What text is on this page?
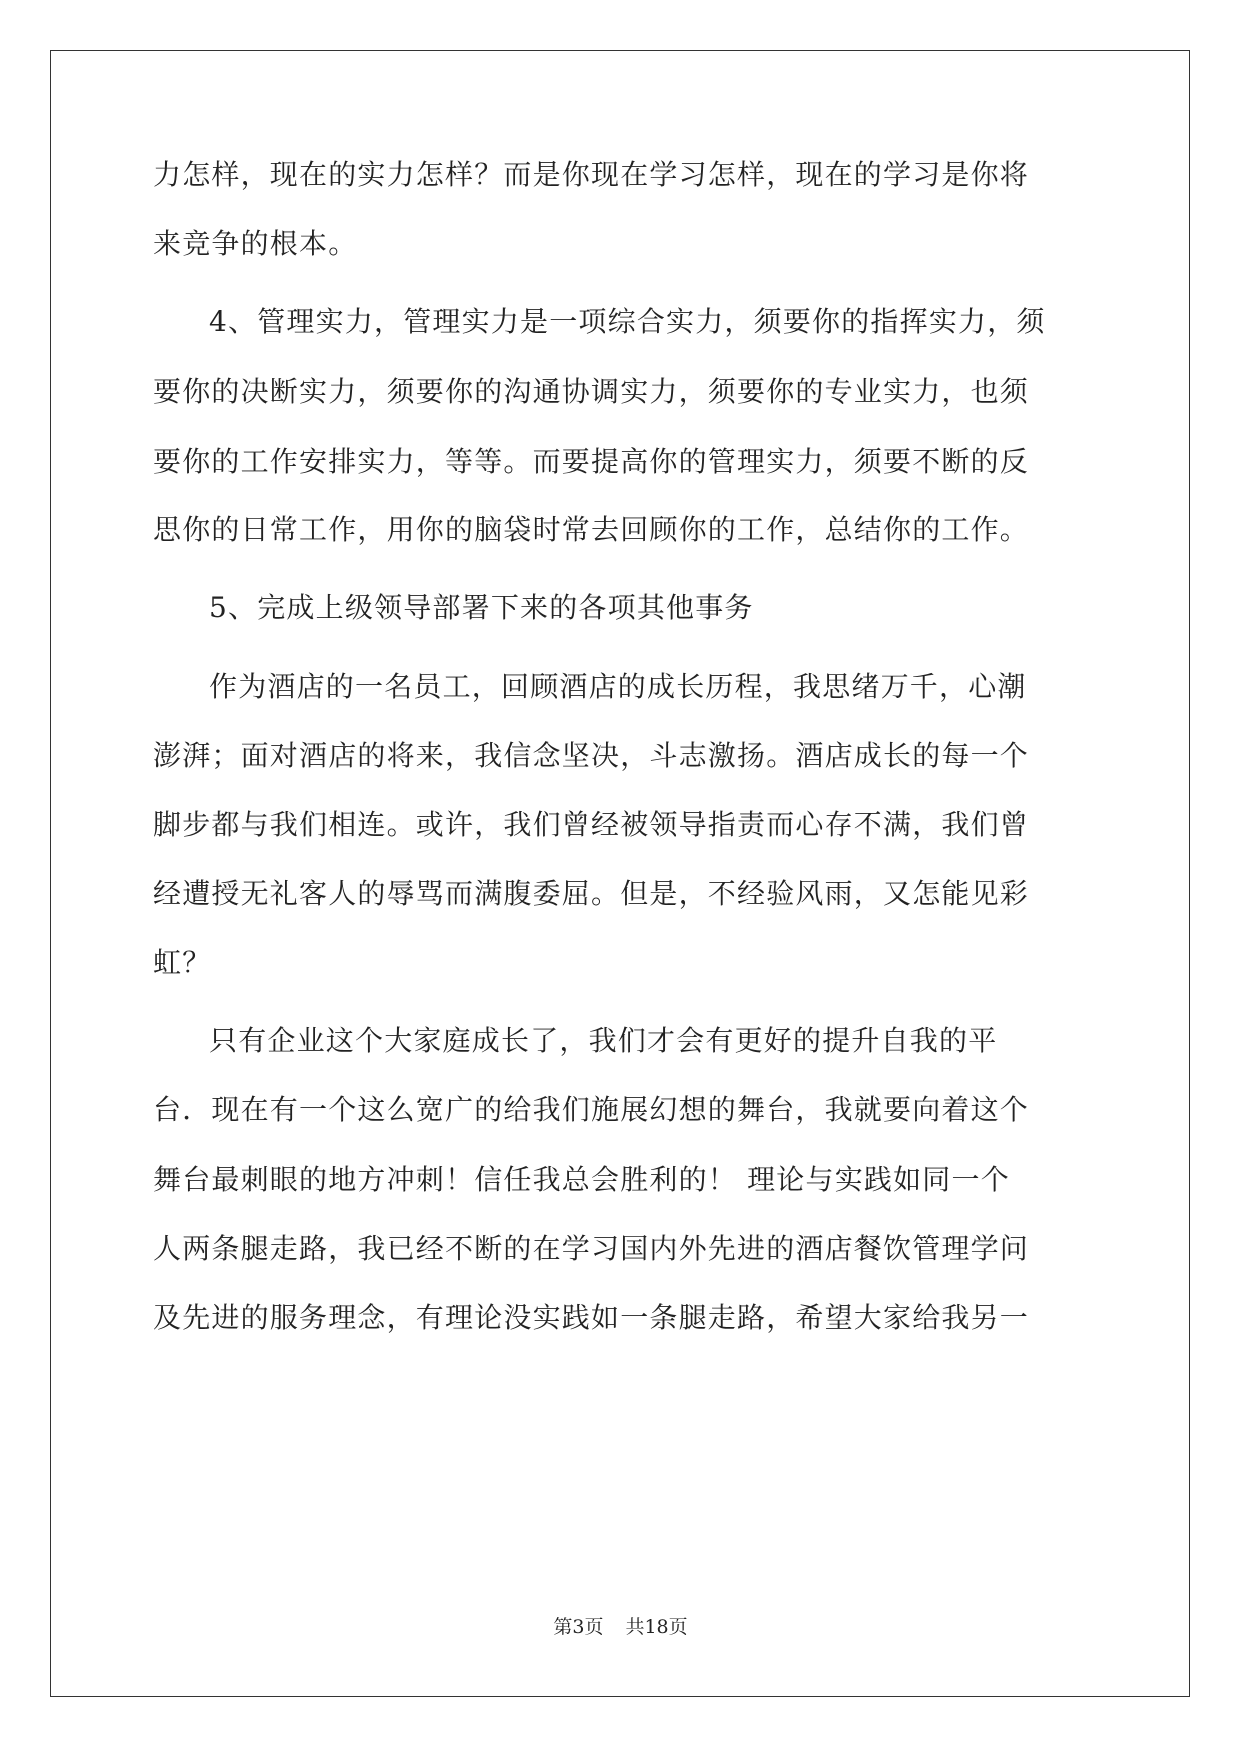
力怎样，现在的实力怎样？而是你现在学习怎样，现在的学习是你将
来竞争的根本。
4、管理实力，管理实力是一项综合实力，须要你的指挥实力，须
要你的决断实力，须要你的沟通协调实力，须要你的专业实力，也须
要你的工作安排实力，等等。而要提高你的管理实力，须要不断的反
思你的日常工作，用你的脑袋时常去回顾你的工作，总结你的工作。
5、完成上级领导部署下来的各项其他事务
作为酒店的一名员工，回顾酒店的成长历程，我思绪万千，心潮
澎湃；面对酒店的将来，我信念坚决，斗志激扬。酒店成长的每一个
脚步都与我们相连。或许，我们曾经被领导指责而心存不满，我们曾
经遭授无礼客人的辱骂而满腹委屈。但是，不经验风雨，又怎能见彩
虹？
只有企业这个大家庭成长了，我们才会有更好的提升自我的平
台．现在有一个这么宽广的给我们施展幻想的舞台，我就要向着这个
舞台最刺眼的地方冲刺！信任我总会胜利的！ 理论与实践如同一个
人两条腿走路，我已经不断的在学习国内外先进的酒店餐饮管理学问
及先进的服务理念，有理论没实践如一条腿走路，希望大家给我另一
第3页 共18页
